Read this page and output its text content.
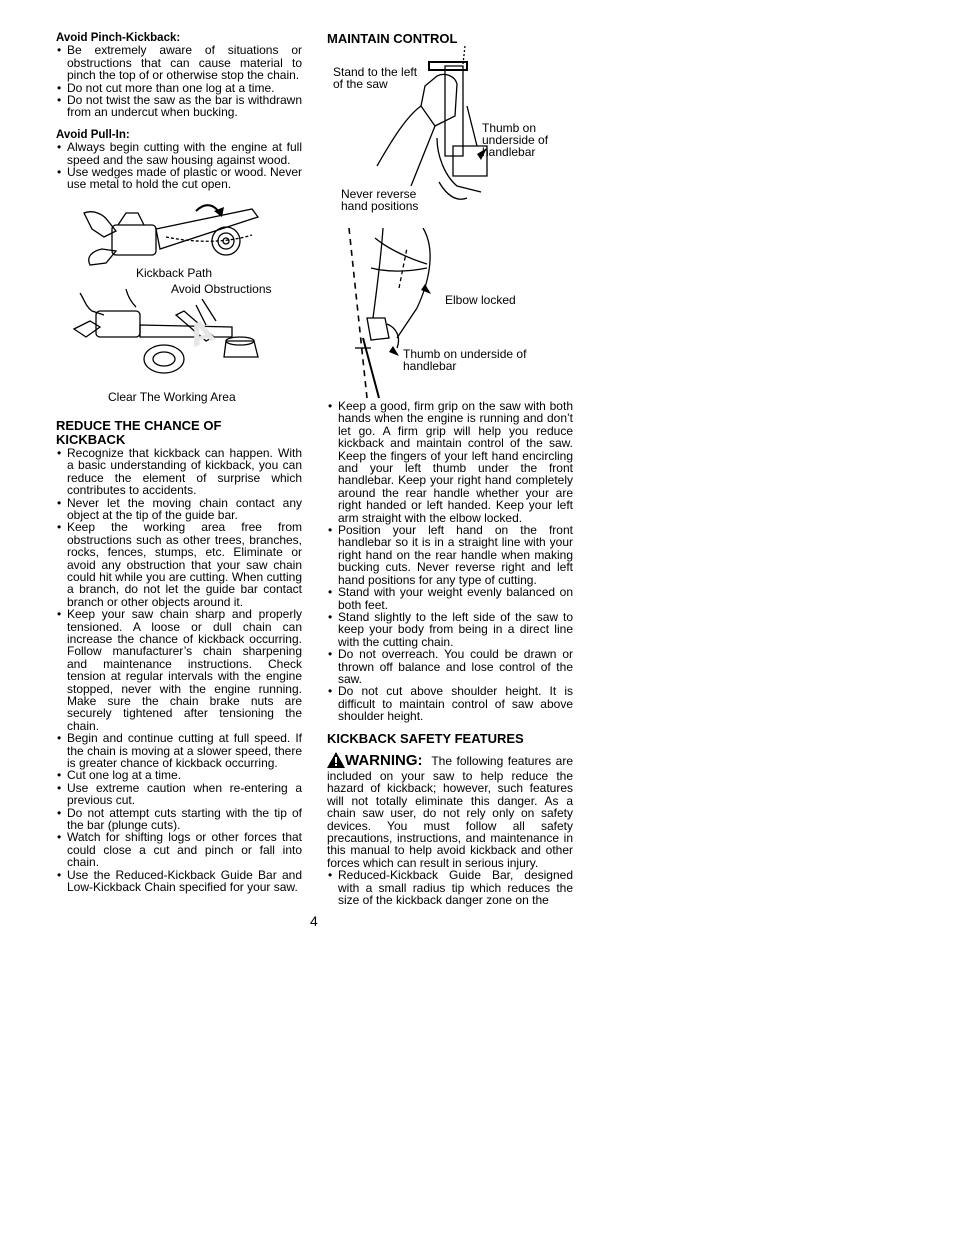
Avoid Pinch-Kickback:

• Be extremely aware of situations or obstructions that can cause material to pinch the top of or otherwise stop the chain.
• Do not cut more than one log at a time.
• Do not twist the saw as the bar is withdrawn from an undercut when bucking.

Avoid Pull-In:

• Always begin cutting with the engine at full speed and the saw housing against wood.
• Use wedges made of plastic or wood. Never use metal to hold the cut open.
Kickback Path
A
Avoid Obstructions
Clear The Working Area

REDUCE THE CHANCE OF

KICKBACK

• Recognize that kickback can happen. With a basic understanding of kickback, you can reduce the element of surprise which contributes to accidents.
• Never let the moving chain contact any object at the tip of the guide bar.
• Keep the working area free from obstructions such as other trees, branches, rocks, fences, stumps, etc. Eliminate or avoid any obstruction that your saw chain could hit while you are cutting. When cutting a branch, do not let the guide bar contact branch or other objects around it.
• Keep your saw chain sharp and properly tensioned. A loose or dull chain can increase the chance of kickback occurring. Follow manufacturer’s chain sharpening and maintenance instructions. Check tension at regular intervals with the engine stopped, never with the engine running. Make sure the chain brake nuts are securely tightened after tensioning the chain.
• Begin and continue cutting at full speed. If the chain is moving at a slower speed, there is greater chance of kickback occurring.
• Cut one log at a time.
• Use extreme caution when re-entering a previous cut.
• Do not attempt cuts starting with the tip of the bar (plunge cuts).
• Watch for shifting logs or other forces that could close a cut and pinch or fall into chain.
• Use the Reduced-Kickback Guide Bar and Low-Kickback Chain specified for your saw.

MAINTAIN CONTROL

Stand to the left
of the saw
Thumb on
underside of
handlebar
Never reverse
hand positions
Elbow locked
Thumb on underside of
handlebar
• Keep a good, firm grip on the saw with both hands when the engine is running and don’t let go. A firm grip will help you reduce kickback and maintain control of the saw. Keep the fingers of your left hand encircling and your left thumb under the front handlebar. Keep your right hand completely around the rear handle whether your are right handed or left handed. Keep your left arm straight with the elbow locked.
• Position your left hand on the front handlebar so it is in a straight line with your right hand on the rear handle when making bucking cuts. Never reverse right and left hand positions for any type of cutting.
• Stand with your weight evenly balanced on both feet.
• Stand slightly to the left side of the saw to keep your body from being in a direct line with the cutting chain.
• Do not overreach. You could be drawn or thrown off balance and lose control of the saw.
• Do not cut above shoulder height. It is difficult to maintain control of saw above shoulder height.

KICKBACK SAFETY FEATURES

WARNING: The following features are included on your saw to help reduce the hazard of kickback; however, such features will not totally eliminate this danger. As a chain saw user, do not rely only on safety devices. You must follow all safety precautions, instructions, and maintenance in this manual to help avoid kickback and other forces which can result in serious injury.

• Reduced-Kickback Guide Bar, designed with a small radius tip which reduces the size of the kickback danger zone on the
4
